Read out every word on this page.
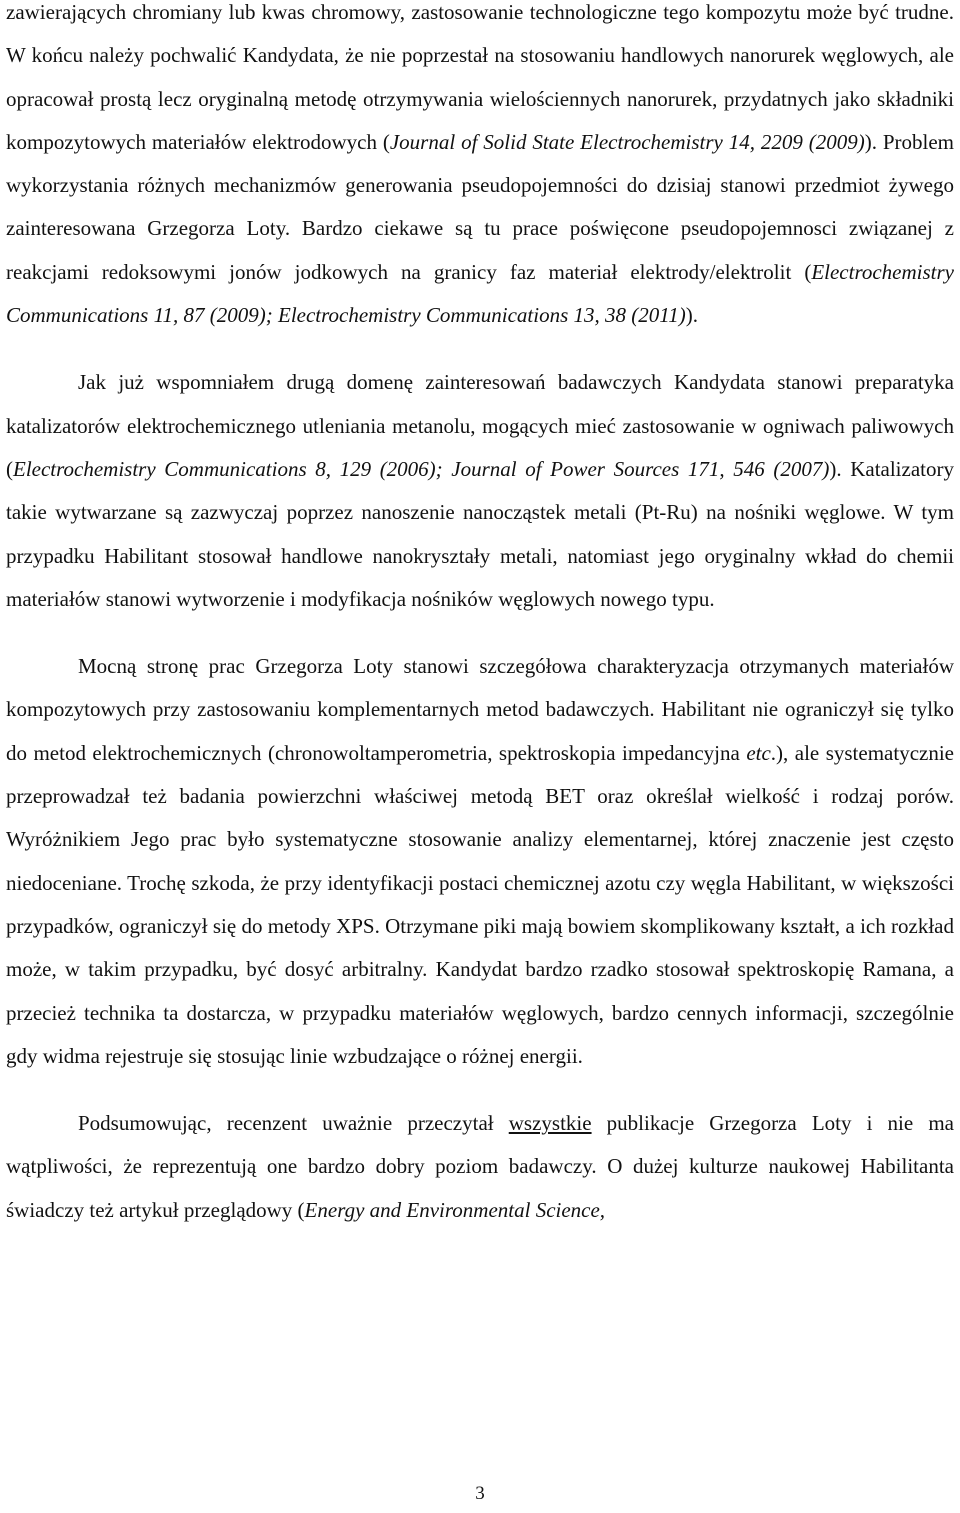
zawierających chromiany lub kwas chromowy, zastosowanie technologiczne tego kompozytu może być trudne. W końcu należy pochwalić Kandydata, że nie poprzestał na stosowaniu handlowych nanorurek węglowych, ale opracował prostą lecz oryginalną metodę otrzymywania wielościennych nanorurek, przydatnych jako składniki kompozytowych materiałów elektrodowych (Journal of Solid State Electrochemistry 14, 2209 (2009)). Problem wykorzystania różnych mechanizmów generowania pseudopojemności do dzisiaj stanowi przedmiot żywego zainteresowana Grzegorza Loty. Bardzo ciekawe są tu prace poświęcone pseudopojemnosci związanej z reakcjami redoksowymi jonów jodkowych na granicy faz materiał elektrody/elektrolit (Electrochemistry Communications 11, 87 (2009); Electrochemistry Communications 13, 38 (2011)).

Jak już wspomniałem drugą domenę zainteresowań badawczych Kandydata stanowi preparatyka katalizatorów elektrochemicznego utleniania metanolu, mogących mieć zastosowanie w ogniwach paliwowych (Electrochemistry Communications 8, 129 (2006); Journal of Power Sources 171, 546 (2007)). Katalizatory takie wytwarzane są zazwyczaj poprzez nanoszenie nanocząstek metali (Pt-Ru) na nośniki węglowe. W tym przypadku Habilitant stosował handlowe nanokryształy metali, natomiast jego oryginalny wkład do chemii materiałów stanowi wytworzenie i modyfikacja nośników węglowych nowego typu.

Mocną stronę prac Grzegorza Loty stanowi szczegółowa charakteryzacja otrzymanych materiałów kompozytowych przy zastosowaniu komplementarnych metod badawczych. Habilitant nie ograniczył się tylko do metod elektrochemicznych (chronowoltamperometria, spektroskopia impedancyjna etc.), ale systematycznie przeprowadzał też badania powierzchni właściwej metodą BET oraz określał wielkość i rodzaj porów. Wyróżnikiem Jego prac było systematyczne stosowanie analizy elementarnej, której znaczenie jest często niedoceniane. Trochę szkoda, że przy identyfikacji postaci chemicznej azotu czy węgla Habilitant, w większości przypadków, ograniczył się do metody XPS. Otrzymane piki mają bowiem skomplikowany kształt, a ich rozkład może, w takim przypadku, być dosyć arbitralny. Kandydat bardzo rzadko stosował spektroskopię Ramana, a przecież technika ta dostarcza, w przypadku materiałów węglowych, bardzo cennych informacji, szczególnie gdy widma rejestruje się stosując linie wzbudzające o różnej energii.

Podsumowując, recenzent uważnie przeczytał wszystkie publikacje Grzegorza Loty i nie ma wątpliwości, że reprezentują one bardzo dobry poziom badawczy. O dużej kulturze naukowej Habilitanta świadczy też artykuł przeglądowy (Energy and Environmental Science,

3
